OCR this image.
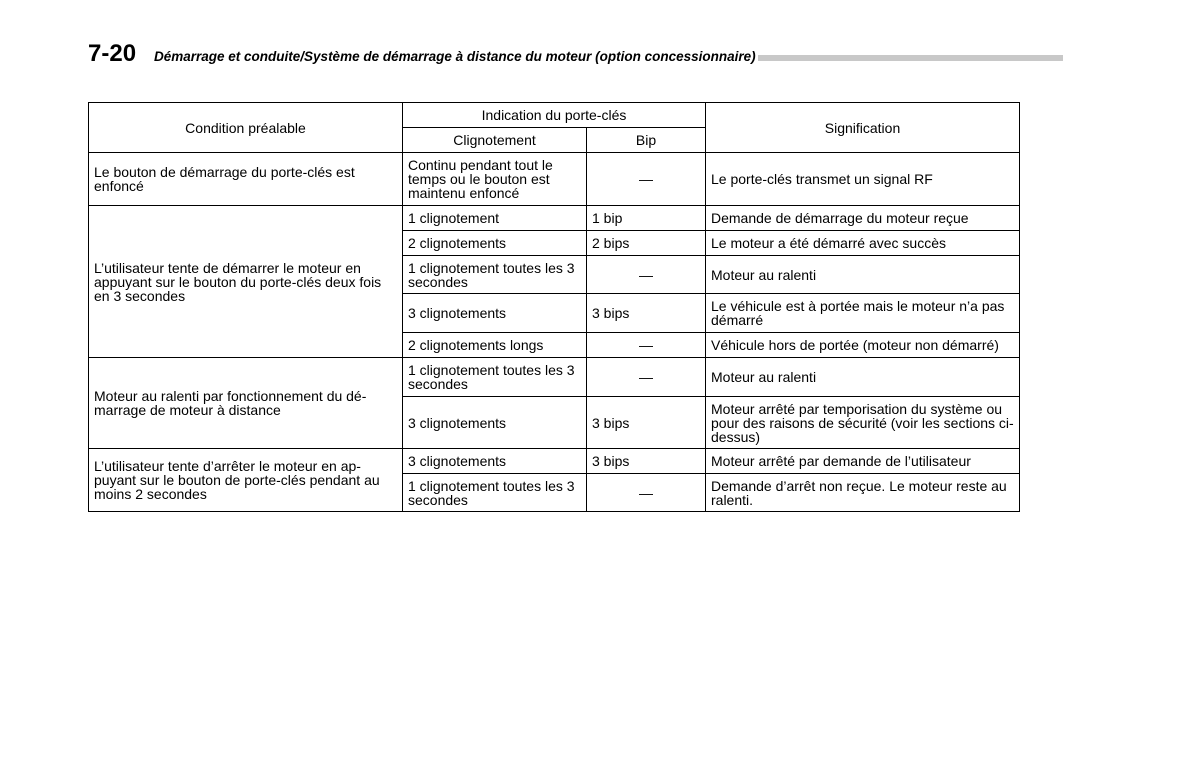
7-20 Démarrage et conduite/Système de démarrage à distance du moteur (option concessionnaire)
Condition préalable	Indication du porte-clés		Signification
	Clignotement	Bip	
Le bouton de démarrage du porte-clés est enfoncé	Continu pendant tout le temps ou le bouton est maintenu enfoncé	—	Le porte-clés transmet un signal RF
L’utilisateur tente de démarrer le moteur en appuyant sur le bouton du porte-clés deux fois en 3 secondes	1 clignotement	1 bip	Demande de démarrage du moteur reçue
	2 clignotements	2 bips	Le moteur a été démarré avec succès
	1 clignotement toutes les 3 secondes	—	Moteur au ralenti
	3 clignotements	3 bips	Le véhicule est à portée mais le moteur n’a pas démarré
	2 clignotements longs	—	Véhicule hors de portée (moteur non démarré)
Moteur au ralenti par fonctionnement du démarrage de moteur à distance	1 clignotement toutes les 3 secondes	—	Moteur au ralenti
	3 clignotements	3 bips	Moteur arrêté par temporisation du système ou pour des raisons de sécurité (voir les sections ci-dessus)
L’utilisateur tente d’arrêter le moteur en appuyant sur le bouton de porte-clés pendant au moins 2 secondes	3 clignotements	3 bips	Moteur arrêté par demande de l’utilisateur
	1 clignotement toutes les 3 secondes	—	Demande d’arrêt non reçue. Le moteur reste au ralenti.
